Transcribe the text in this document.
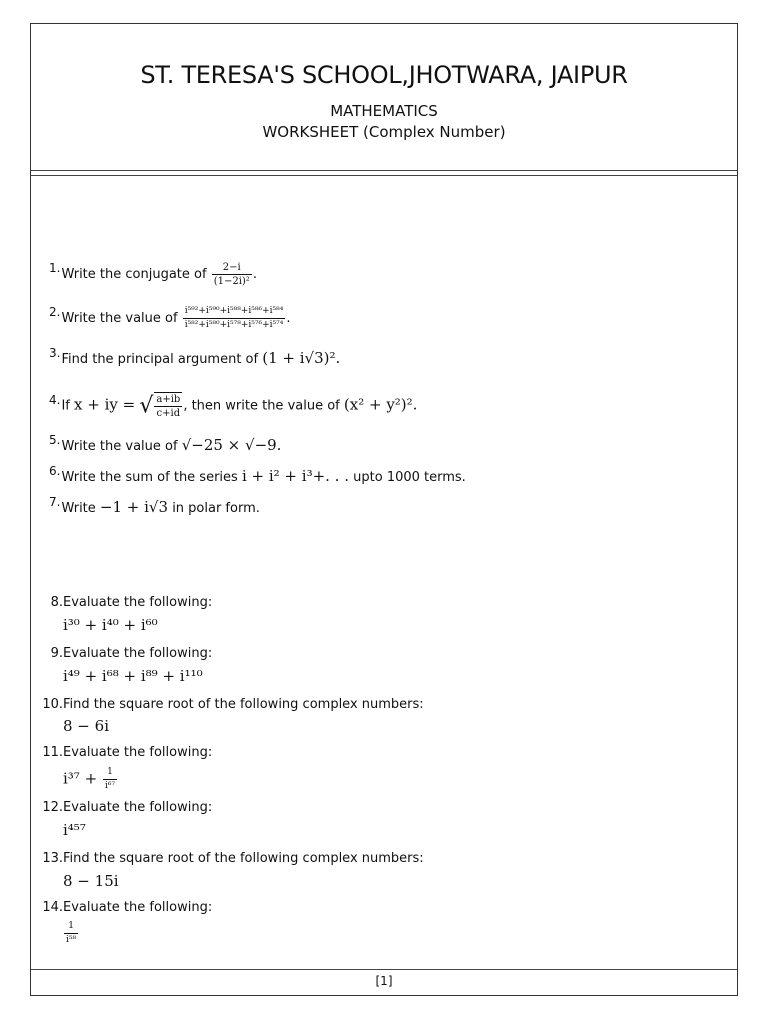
ST. TERESA'S SCHOOL,JHOTWARA, JAIPUR
MATHEMATICS
WORKSHEET (Complex Number)
1.Write the conjugate of $\frac{2-i}{\text{(1−2i)²}}$ .
2.Write the value of $\frac{\text{i⁵⁹²+i⁵⁹⁰+i⁵⁸⁸+i⁵⁸⁶+i⁵⁸⁴}}{\text{i⁵⁸²+i⁵⁸⁰+i⁵⁷⁸+i⁵⁷⁶+i⁵⁷⁴}}$ .
3.Find the principal argument of (1 + i√3)².
4.If x + iy = √ $\frac{a+ib}{c+id}$ , then write the value of (x² + y²)².
5.Write the value of √−25 × √−9.
6.Write the sum of the series i + i² + i³+. . . upto 1000 terms.
7.Write −1 + i√3 in polar form.
8.Evaluate the following:
i³⁰ + i⁴⁰ + i⁶⁰
9.Evaluate the following:
i⁴⁹ + i⁶⁸ + i⁸⁹ + i¹¹⁰
10.Find the square root of the following complex numbers:
8 − 6i
11.Evaluate the following:
$i^{37} + \frac{1}{\text{i⁶⁷}}$
12.Evaluate the following:
i⁴⁵⁷
13.Find the square root of the following complex numbers:
8 − 15i
14.Evaluate the following:
$\frac{1}{\text{i⁵⁸}}$
[1]
